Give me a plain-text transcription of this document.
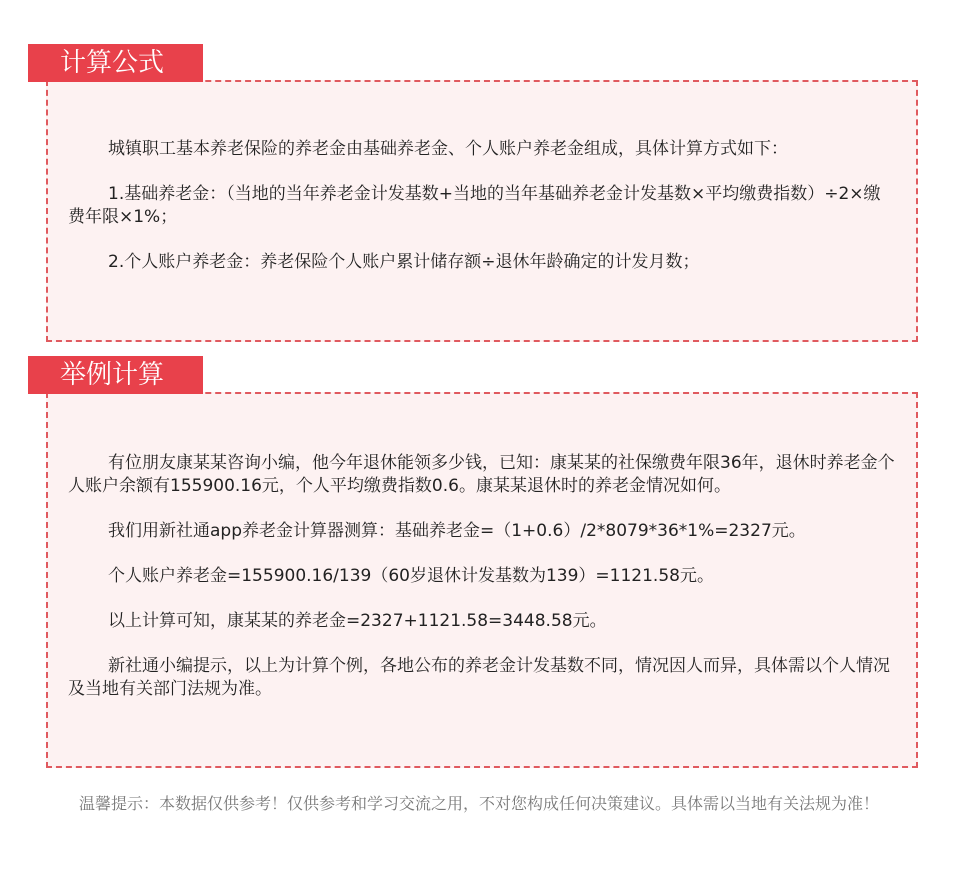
计算公式

城镇职工基本养老保险的养老金由基础养老金、个人账户养老金组成，具体计算方式如下：

1.基础养老金：（当地的当年养老金计发基数+当地的当年基础养老金计发基数×平均缴费指数）÷2×缴费年限×1%；

2.个人账户养老金：养老保险个人账户累计储存额÷退休年龄确定的计发月数；

举例计算

有位朋友康某某咨询小编，他今年退休能领多少钱，已知：康某某的社保缴费年限36年，退休时养老金个人账户余额有155900.16元，个人平均缴费指数0.6。康某某退休时的养老金情况如何。

我们用新社通app养老金计算器测算：基础养老金=（1+0.6）/2*8079*36*1%=2327元。

个人账户养老金=155900.16/139（60岁退休计发基数为139）=1121.58元。

以上计算可知，康某某的养老金=2327+1121.58=3448.58元。

新社通小编提示，以上为计算个例，各地公布的养老金计发基数不同，情况因人而异，具体需以个人情况及当地有关部门法规为准。

温馨提示：本数据仅供参考！仅供参考和学习交流之用，不对您构成任何决策建议。具体需以当地有关法规为准！
